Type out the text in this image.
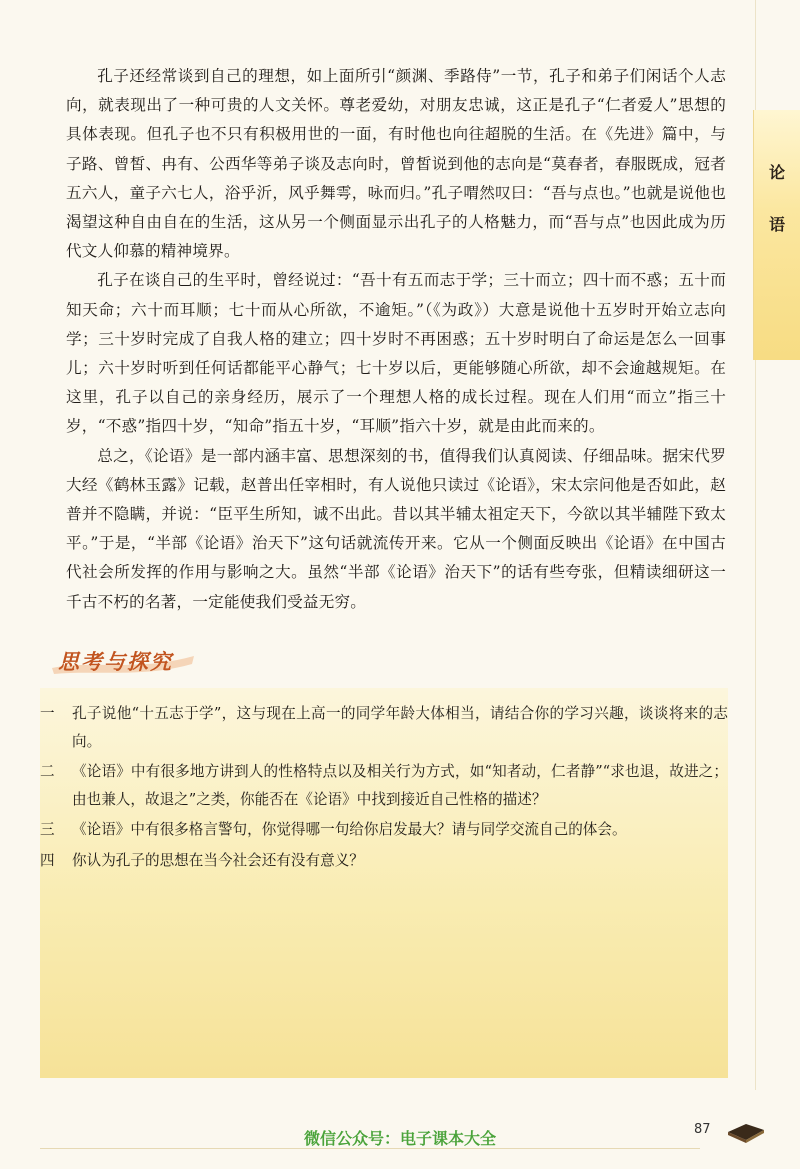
论
语

孔子还经常谈到自己的理想，如上面所引“颜渊、季路侍”一节，孔子和弟子们闲话个人志向，就表现出了一种可贵的人文关怀。尊老爱幼，对朋友忠诚，这正是孔子“仁者爱人”思想的具体表现。但孔子也不只有积极用世的一面，有时他也向往超脱的生活。在《先进》篇中，与子路、曾皙、冉有、公西华等弟子谈及志向时，曾皙说到他的志向是“莫春者，春服既成，冠者五六人，童子六七人，浴乎沂，风乎舞雩，咏而归。”孔子喟然叹曰：“吾与点也。”也就是说他也渴望这种自由自在的生活，这从另一个侧面显示出孔子的人格魅力，而“吾与点”也因此成为历代文人仰慕的精神境界。

孔子在谈自己的生平时，曾经说过：“吾十有五而志于学；三十而立；四十而不惑；五十而知天命；六十而耳顺；七十而从心所欲，不逾矩。”（《为政》）大意是说他十五岁时开始立志向学；三十岁时完成了自我人格的建立；四十岁时不再困惑；五十岁时明白了命运是怎么一回事儿；六十岁时听到任何话都能平心静气；七十岁以后，更能够随心所欲，却不会逾越规矩。在这里，孔子以自己的亲身经历，展示了一个理想人格的成长过程。现在人们用“而立”指三十岁，“不惑”指四十岁，“知命”指五十岁，“耳顺”指六十岁，就是由此而来的。

总之，《论语》是一部内涵丰富、思想深刻的书，值得我们认真阅读、仔细品味。据宋代罗大经《鹤林玉露》记载，赵普出任宰相时，有人说他只读过《论语》，宋太宗问他是否如此，赵普并不隐瞒，并说：“臣平生所知，诚不出此。昔以其半辅太祖定天下，今欲以其半辅陛下致太平。”于是，“半部《论语》治天下”这句话就流传开来。它从一个侧面反映出《论语》在中国古代社会所发挥的作用与影响之大。虽然“半部《论语》治天下”的话有些夸张，但精读细研这一千古不朽的名著，一定能使我们受益无穷。

思考与探究
一	孔子说他“十五志于学”，这与现在上高一的同学年龄大体相当，请结合你的学习兴趣，谈谈将来的志向。
二	《论语》中有很多地方讲到人的性格特点以及相关行为方式，如“知者动，仁者静”“求也退，故进之；由也兼人，故退之”之类，你能否在《论语》中找到接近自己性格的描述？
三	《论语》中有很多格言警句，你觉得哪一句给你启发最大？请与同学交流自己的体会。
四	你认为孔子的思想在当今社会还有没有意义？
微信公众号：电子课本大全	87
